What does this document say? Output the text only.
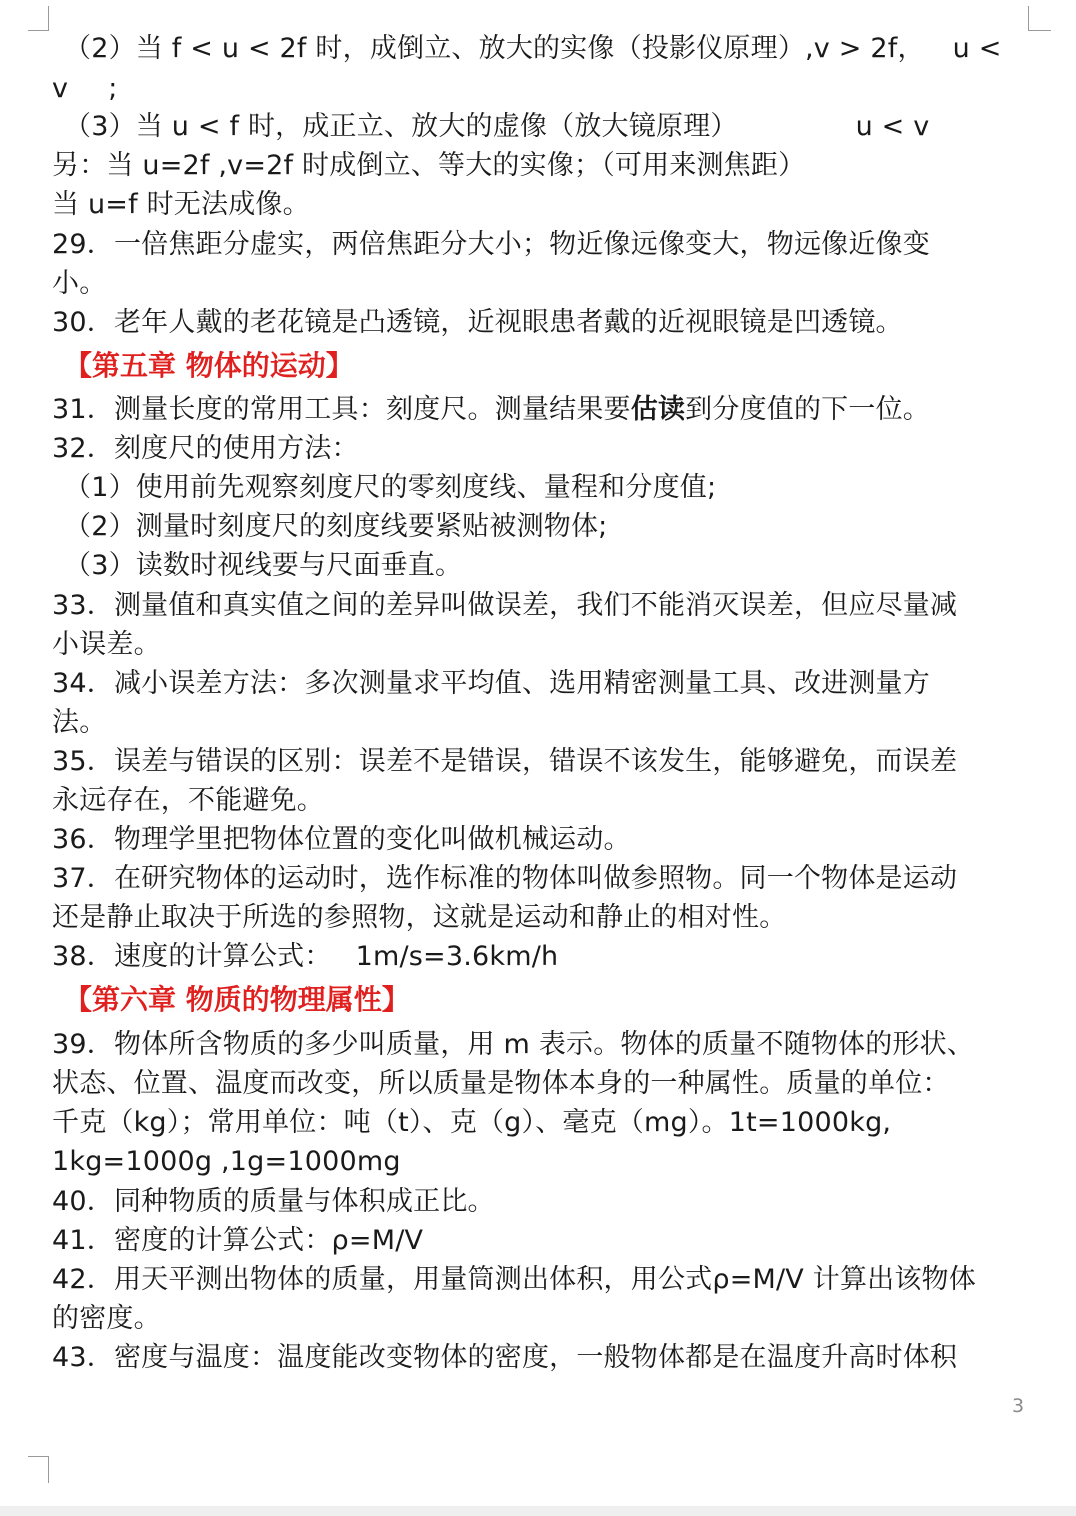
（2）当 f < u < 2f 时，成倒立、放大的实像（投影仪原理）,v > 2f， u <
v ;
（3）当 u < f 时，成正立、放大的虚像（放大镜原理）	u < v
另：当 u=2f ,v=2f 时成倒立、等大的实像；（可用来测焦距）
当 u=f 时无法成像。
29．一倍焦距分虚实，两倍焦距分大小；物近像远像变大，物远像近像变
小。
30．老年人戴的老花镜是凸透镜，近视眼患者戴的近视眼镜是凹透镜。
【第五章 物体的运动】
31．测量长度的常用工具：刻度尺。测量结果要估读到分度值的下一位。
32．刻度尺的使用方法：
（1）使用前先观察刻度尺的零刻度线、量程和分度值;
（2）测量时刻度尺的刻度线要紧贴被测物体;
（3）读数时视线要与尺面垂直。
33．测量值和真实值之间的差异叫做误差，我们不能消灭误差，但应尽量减
小误差。
34．减小误差方法：多次测量求平均值、选用精密测量工具、改进测量方
法。
35．误差与错误的区别：误差不是错误，错误不该发生，能够避免，而误差
永远存在，不能避免。
36．物理学里把物体位置的变化叫做机械运动。
37．在研究物体的运动时，选作标准的物体叫做参照物。同一个物体是运动
还是静止取决于所选的参照物，这就是运动和静止的相对性。
38．速度的计算公式： 1m/s=3.6km/h
【第六章 物质的物理属性】
39．物体所含物质的多少叫质量，用 m 表示。物体的质量不随物体的形状、
状态、位置、温度而改变，所以质量是物体本身的一种属性。质量的单位：
千克（kg）；常用单位：吨（t）、克（g）、毫克（mg）。1t=1000kg,
1kg=1000g ,1g=1000mg
40．同种物质的质量与体积成正比。
41．密度的计算公式：ρ=M/V
42．用天平测出物体的质量，用量筒测出体积，用公式ρ=M/V 计算出该物体
的密度。
43．密度与温度：温度能改变物体的密度，一般物体都是在温度升高时体积
3
